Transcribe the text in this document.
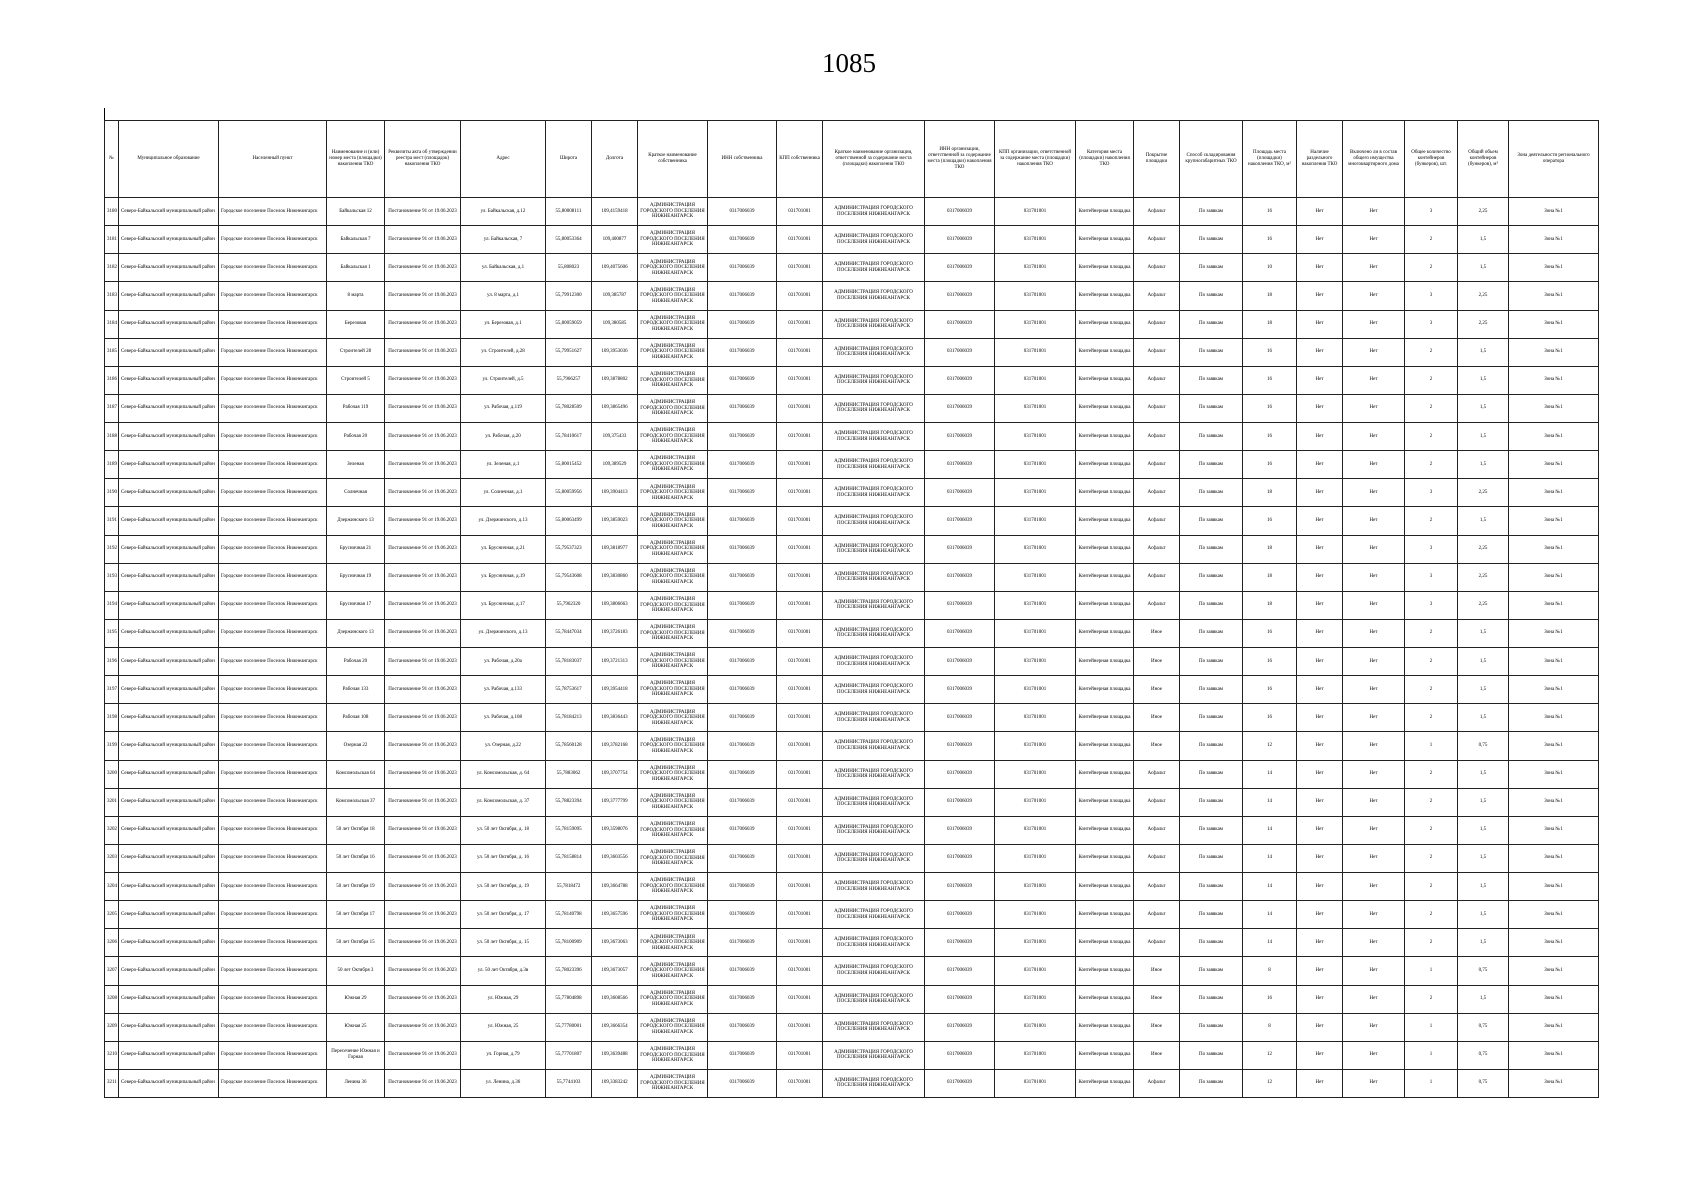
1085
№	Муниципальное образование	Населенный пункт	Наименование и (или) номер места (площадки) накопления ТКО	Реквизиты акта об утверждении реестра мест (площадок) накопления ТКО	Адрес	Широта	Долгота	Краткое наименование собственника	ИНН собственника	КПП собственника	Краткое наименование организации, ответственной за содержание места (площадки) накопления ТКО	ИНН организации, ответственной за содержание места (площадки) накопления ТКО	КПП организации, ответственной за содержание места (площадки) накопления ТКО	Категория места (площадки) накопления ТКО	Покрытие площадки	Способ складирования крупногабаритных ТКО	Площадь места (площадки) накопления ТКО, м²	Наличие раздельного накопления ТКО	Включено ли в состав общего имущества многоквартирного дома	Общее количество контейнеров (бункеров), шт.	Общий объем контейнеров (бункеров), м³	Зона деятельности регионального оператора
3180	Северо-Байкальский муниципальный район	Городское поселение Поселок Нижнеангарск	Байкальская 12	Постановление 91 от 19.06.2023	ул. Байкальская, д.12	55,80008111	109,4159418	АДМИНИСТРАЦИЯ ГОРОДСКОГО ПОСЕЛЕНИЯ НИЖНЕАНГАРСК	0317006039	031701001	АДМИНИСТРАЦИЯ ГОРОДСКОГО ПОСЕЛЕНИЯ НИЖНЕАНГАРСК	0317006039	031701001	Контейнерная площадка	Асфальт	По заявкам	16	Нет	Нет	3	2,25	Зона №1
3181	Северо-Байкальский муниципальный район	Городское поселение Поселок Нижнеангарск	Байкальская 7	Постановление 91 от 19.06.2023	ул. Байкальская, 7	55,80053364	109,400877	АДМИНИСТРАЦИЯ ГОРОДСКОГО ПОСЕЛЕНИЯ НИЖНЕАНГАРСК	0317006039	031701001	АДМИНИСТРАЦИЯ ГОРОДСКОГО ПОСЕЛЕНИЯ НИЖНЕАНГАРСК	0317006039	031701001	Контейнерная площадка	Асфальт	По заявкам	16	Нет	Нет	2	1,5	Зона №1
3182	Северо-Байкальский муниципальный район	Городское поселение Поселок Нижнеангарск	Байкальская 1	Постановление 91 от 19.06.2023	ул. Байкальская, д.1	55,808023	109,4075606	АДМИНИСТРАЦИЯ ГОРОДСКОГО ПОСЕЛЕНИЯ НИЖНЕАНГАРСК	0317006039	031701001	АДМИНИСТРАЦИЯ ГОРОДСКОГО ПОСЕЛЕНИЯ НИЖНЕАНГАРСК	0317006039	031701001	Контейнерная площадка	Асфальт	По заявкам	10	Нет	Нет	2	1,5	Зона №1
3183	Северо-Байкальский муниципальный район	Городское поселение Поселок Нижнеангарск	8 марта	Постановление 91 от 19.06.2023	ул. 8 марта, д.1	55,79912300	109,385787	АДМИНИСТРАЦИЯ ГОРОДСКОГО ПОСЕЛЕНИЯ НИЖНЕАНГАРСК	0317006039	031701001	АДМИНИСТРАЦИЯ ГОРОДСКОГО ПОСЕЛЕНИЯ НИЖНЕАНГАРСК	0317006039	031701001	Контейнерная площадка	Асфальт	По заявкам	18	Нет	Нет	3	2,25	Зона №1
3184	Северо-Байкальский муниципальный район	Городское поселение Поселок Нижнеангарск	Березовая	Постановление 91 от 19.06.2023	ул. Березовая, д.1	55,80059059	109,380585	АДМИНИСТРАЦИЯ ГОРОДСКОГО ПОСЕЛЕНИЯ НИЖНЕАНГАРСК	0317006039	031701001	АДМИНИСТРАЦИЯ ГОРОДСКОГО ПОСЕЛЕНИЯ НИЖНЕАНГАРСК	0317006039	031701001	Контейнерная площадка	Асфальт	По заявкам	18	Нет	Нет	3	2,25	Зона №1
3185	Северо-Байкальский муниципальный район	Городское поселение Поселок Нижнеангарск	Строителей 28	Постановление 91 от 19.06.2023	ул. Строителей, д.28	55,79951627	109,3953036	АДМИНИСТРАЦИЯ ГОРОДСКОГО ПОСЕЛЕНИЯ НИЖНЕАНГАРСК	0317006039	031701001	АДМИНИСТРАЦИЯ ГОРОДСКОГО ПОСЕЛЕНИЯ НИЖНЕАНГАРСК	0317006039	031701001	Контейнерная площадка	Асфальт	По заявкам	16	Нет	Нет	2	1,5	Зона №1
3186	Северо-Байкальский муниципальный район	Городское поселение Поселок Нижнеангарск	Строителей 5	Постановление 91 от 19.06.2023	ул. Строителей, д.5	55,7966257	109,3878802	АДМИНИСТРАЦИЯ ГОРОДСКОГО ПОСЕЛЕНИЯ НИЖНЕАНГАРСК	0317006039	031701001	АДМИНИСТРАЦИЯ ГОРОДСКОГО ПОСЕЛЕНИЯ НИЖНЕАНГАРСК	0317006039	031701001	Контейнерная площадка	Асфальт	По заявкам	16	Нет	Нет	2	1,5	Зона №1
3187	Северо-Байкальский муниципальный район	Городское поселение Поселок Нижнеангарск	Рабочая 119	Постановление 91 от 19.06.2023	ул. Рабочая, д.119	55,78028509	109,3865496	АДМИНИСТРАЦИЯ ГОРОДСКОГО ПОСЕЛЕНИЯ НИЖНЕАНГАРСК	0317006039	031701001	АДМИНИСТРАЦИЯ ГОРОДСКОГО ПОСЕЛЕНИЯ НИЖНЕАНГАРСК	0317006039	031701001	Контейнерная площадка	Асфальт	По заявкам	16	Нет	Нет	2	1,5	Зона №1
3188	Северо-Байкальский муниципальный район	Городское поселение Поселок Нижнеангарск	Рабочая 20	Постановление 91 от 19.06.2023	ул. Рабочая, д.20	55,78410617	109,375433	АДМИНИСТРАЦИЯ ГОРОДСКОГО ПОСЕЛЕНИЯ НИЖНЕАНГАРСК	0317006039	031701001	АДМИНИСТРАЦИЯ ГОРОДСКОГО ПОСЕЛЕНИЯ НИЖНЕАНГАРСК	0317006039	031701001	Контейнерная площадка	Асфальт	По заявкам	16	Нет	Нет	2	1,5	Зона №1
3189	Северо-Байкальский муниципальный район	Городское поселение Поселок Нижнеангарск	Зеленая	Постановление 91 от 19.06.2023	ул. Зеленая, д.1	55,80015452	109,389529	АДМИНИСТРАЦИЯ ГОРОДСКОГО ПОСЕЛЕНИЯ НИЖНЕАНГАРСК	0317006039	031701001	АДМИНИСТРАЦИЯ ГОРОДСКОГО ПОСЕЛЕНИЯ НИЖНЕАНГАРСК	0317006039	031701001	Контейнерная площадка	Асфальт	По заявкам	16	Нет	Нет	2	1,5	Зона №1
3190	Северо-Байкальский муниципальный район	Городское поселение Поселок Нижнеангарск	Солнечная	Постановление 91 от 19.06.2023	ул. Солнечная, д.1	55,80059956	109,3904413	АДМИНИСТРАЦИЯ ГОРОДСКОГО ПОСЕЛЕНИЯ НИЖНЕАНГАРСК	0317006039	031701001	АДМИНИСТРАЦИЯ ГОРОДСКОГО ПОСЕЛЕНИЯ НИЖНЕАНГАРСК	0317006039	031701001	Контейнерная площадка	Асфальт	По заявкам	18	Нет	Нет	3	2,25	Зона №1
3191	Северо-Байкальский муниципальный район	Городское поселение Поселок Нижнеангарск	Дзержинского 13	Постановление 91 от 19.06.2023	ул. Дзержинского, д.13	55,80063499	109,3859023	АДМИНИСТРАЦИЯ ГОРОДСКОГО ПОСЕЛЕНИЯ НИЖНЕАНГАРСК	0317006039	031701001	АДМИНИСТРАЦИЯ ГОРОДСКОГО ПОСЕЛЕНИЯ НИЖНЕАНГАРСК	0317006039	031701001	Контейнерная площадка	Асфальт	По заявкам	16	Нет	Нет	2	1,5	Зона №1
3192	Северо-Байкальский муниципальный район	Городское поселение Поселок Нижнеангарск	Брусничная 21	Постановление 91 от 19.06.2023	ул. Брусничная, д.21	55,79537323	109,3818977	АДМИНИСТРАЦИЯ ГОРОДСКОГО ПОСЕЛЕНИЯ НИЖНЕАНГАРСК	0317006039	031701001	АДМИНИСТРАЦИЯ ГОРОДСКОГО ПОСЕЛЕНИЯ НИЖНЕАНГАРСК	0317006039	031701001	Контейнерная площадка	Асфальт	По заявкам	18	Нет	Нет	3	2,25	Зона №1
3193	Северо-Байкальский муниципальный район	Городское поселение Поселок Нижнеангарск	Брусничная 19	Постановление 91 от 19.06.2023	ул. Брусничная, д.19	55,79543608	109,3830860	АДМИНИСТРАЦИЯ ГОРОДСКОГО ПОСЕЛЕНИЯ НИЖНЕАНГАРСК	0317006039	031701001	АДМИНИСТРАЦИЯ ГОРОДСКОГО ПОСЕЛЕНИЯ НИЖНЕАНГАРСК	0317006039	031701001	Контейнерная площадка	Асфальт	По заявкам	18	Нет	Нет	3	2,25	Зона №1
3194	Северо-Байкальский муниципальный район	Городское поселение Поселок Нижнеангарск	Брусничная 17	Постановление 91 от 19.06.2023	ул. Брусничная, д.17	55,7962320	109,3806663	АДМИНИСТРАЦИЯ ГОРОДСКОГО ПОСЕЛЕНИЯ НИЖНЕАНГАРСК	0317006039	031701001	АДМИНИСТРАЦИЯ ГОРОДСКОГО ПОСЕЛЕНИЯ НИЖНЕАНГАРСК	0317006039	031701001	Контейнерная площадка	Асфальт	По заявкам	18	Нет	Нет	3	2,25	Зона №1
3195	Северо-Байкальский муниципальный район	Городское поселение Поселок Нижнеангарск	Дзержинского 13	Постановление 91 от 19.06.2023	ул. Дзержинского, д.13	55,78447034	109,3726183	АДМИНИСТРАЦИЯ ГОРОДСКОГО ПОСЕЛЕНИЯ НИЖНЕАНГАРСК	0317006039	031701001	АДМИНИСТРАЦИЯ ГОРОДСКОГО ПОСЕЛЕНИЯ НИЖНЕАНГАРСК	0317006039	031701001	Контейнерная площадка	Иное	По заявкам	16	Нет	Нет	2	1,5	Зона №1
3196	Северо-Байкальский муниципальный район	Городское поселение Поселок Нижнеангарск	Рабочая 20	Постановление 91 от 19.06.2023	ул. Рабочая, д.20а	55,78183037	109,3721313	АДМИНИСТРАЦИЯ ГОРОДСКОГО ПОСЕЛЕНИЯ НИЖНЕАНГАРСК	0317006039	031701001	АДМИНИСТРАЦИЯ ГОРОДСКОГО ПОСЕЛЕНИЯ НИЖНЕАНГАРСК	0317006039	031701001	Контейнерная площадка	Иное	По заявкам	16	Нет	Нет	2	1,5	Зона №1
3197	Северо-Байкальский муниципальный район	Городское поселение Поселок Нижнеангарск	Рабочая 133	Постановление 91 от 19.06.2023	ул. Рабочая, д.133	55,78753617	109,3954418	АДМИНИСТРАЦИЯ ГОРОДСКОГО ПОСЕЛЕНИЯ НИЖНЕАНГАРСК	0317006039	031701001	АДМИНИСТРАЦИЯ ГОРОДСКОГО ПОСЕЛЕНИЯ НИЖНЕАНГАРСК	0317006039	031701001	Контейнерная площадка	Иное	По заявкам	16	Нет	Нет	2	1,5	Зона №1
3198	Северо-Байкальский муниципальный район	Городское поселение Поселок Нижнеангарск	Рабочая 108	Постановление 91 от 19.06.2023	ул. Рабочая, д.108	55,78184213	109,3836443	АДМИНИСТРАЦИЯ ГОРОДСКОГО ПОСЕЛЕНИЯ НИЖНЕАНГАРСК	0317006039	031701001	АДМИНИСТРАЦИЯ ГОРОДСКОГО ПОСЕЛЕНИЯ НИЖНЕАНГАРСК	0317006039	031701001	Контейнерная площадка	Иное	По заявкам	16	Нет	Нет	2	1,5	Зона №1
3199	Северо-Байкальский муниципальный район	Городское поселение Поселок Нижнеангарск	Озерная 22	Постановление 91 от 19.06.2023	ул. Озерная, д.22	55,78560128	109,3782168	АДМИНИСТРАЦИЯ ГОРОДСКОГО ПОСЕЛЕНИЯ НИЖНЕАНГАРСК	0317006039	031701001	АДМИНИСТРАЦИЯ ГОРОДСКОГО ПОСЕЛЕНИЯ НИЖНЕАНГАРСК	0317006039	031701001	Контейнерная площадка	Иное	По заявкам	12	Нет	Нет	1	0,75	Зона №1
3200	Северо-Байкальский муниципальный район	Городское поселение Поселок Нижнеангарск	Комсомольская 64	Постановление 91 от 19.06.2023	ул. Комсомольская, д. 64	55,7883062	109,3707754	АДМИНИСТРАЦИЯ ГОРОДСКОГО ПОСЕЛЕНИЯ НИЖНЕАНГАРСК	0317006039	031701001	АДМИНИСТРАЦИЯ ГОРОДСКОГО ПОСЕЛЕНИЯ НИЖНЕАНГАРСК	0317006039	031701001	Контейнерная площадка	Асфальт	По заявкам	14	Нет	Нет	2	1,5	Зона №1
3201	Северо-Байкальский муниципальный район	Городское поселение Поселок Нижнеангарск	Комсомольская 37	Постановление 91 от 19.06.2023	ул. Комсомольская, д. 37	55,78823394	109,3777799	АДМИНИСТРАЦИЯ ГОРОДСКОГО ПОСЕЛЕНИЯ НИЖНЕАНГАРСК	0317006039	031701001	АДМИНИСТРАЦИЯ ГОРОДСКОГО ПОСЕЛЕНИЯ НИЖНЕАНГАРСК	0317006039	031701001	Контейнерная площадка	Асфальт	По заявкам	14	Нет	Нет	2	1,5	Зона №1
3202	Северо-Байкальский муниципальный район	Городское поселение Поселок Нижнеангарск	50 лет Октября 18	Постановление 91 от 19.06.2023	ул. 50 лет Октября, д. 18	55,78159095	109,3598076	АДМИНИСТРАЦИЯ ГОРОДСКОГО ПОСЕЛЕНИЯ НИЖНЕАНГАРСК	0317006039	031701001	АДМИНИСТРАЦИЯ ГОРОДСКОГО ПОСЕЛЕНИЯ НИЖНЕАНГАРСК	0317006039	031701001	Контейнерная площадка	Асфальт	По заявкам	14	Нет	Нет	2	1,5	Зона №1
3203	Северо-Байкальский муниципальный район	Городское поселение Поселок Нижнеангарск	50 лет Октября 16	Постановление 91 от 19.06.2023	ул. 50 лет Октября, д. 16	55,78158814	109,3603556	АДМИНИСТРАЦИЯ ГОРОДСКОГО ПОСЕЛЕНИЯ НИЖНЕАНГАРСК	0317006039	031701001	АДМИНИСТРАЦИЯ ГОРОДСКОГО ПОСЕЛЕНИЯ НИЖНЕАНГАРСК	0317006039	031701001	Контейнерная площадка	Асфальт	По заявкам	14	Нет	Нет	2	1,5	Зона №1
3204	Северо-Байкальский муниципальный район	Городское поселение Поселок Нижнеангарск	50 лет Октября 19	Постановление 91 от 19.06.2023	ул. 50 лет Октября, д. 19	55,7818472	109,3664788	АДМИНИСТРАЦИЯ ГОРОДСКОГО ПОСЕЛЕНИЯ НИЖНЕАНГАРСК	0317006039	031701001	АДМИНИСТРАЦИЯ ГОРОДСКОГО ПОСЕЛЕНИЯ НИЖНЕАНГАРСК	0317006039	031701001	Контейнерная площадка	Асфальт	По заявкам	14	Нет	Нет	2	1,5	Зона №1
3205	Северо-Байкальский муниципальный район	Городское поселение Поселок Нижнеангарск	50 лет Октября 17	Постановление 91 от 19.06.2023	ул. 50 лет Октября, д. 17	55,78140798	109,3657596	АДМИНИСТРАЦИЯ ГОРОДСКОГО ПОСЕЛЕНИЯ НИЖНЕАНГАРСК	0317006039	031701001	АДМИНИСТРАЦИЯ ГОРОДСКОГО ПОСЕЛЕНИЯ НИЖНЕАНГАРСК	0317006039	031701001	Контейнерная площадка	Асфальт	По заявкам	14	Нет	Нет	2	1,5	Зона №1
3206	Северо-Байкальский муниципальный район	Городское поселение Поселок Нижнеангарск	50 лет Октября 15	Постановление 91 от 19.06.2023	ул. 50 лет Октября, д. 15	55,78100909	109,3673063	АДМИНИСТРАЦИЯ ГОРОДСКОГО ПОСЕЛЕНИЯ НИЖНЕАНГАРСК	0317006039	031701001	АДМИНИСТРАЦИЯ ГОРОДСКОГО ПОСЕЛЕНИЯ НИЖНЕАНГАРСК	0317006039	031701001	Контейнерная площадка	Асфальт	По заявкам	14	Нет	Нет	2	1,5	Зона №1
3207	Северо-Байкальский муниципальный район	Городское поселение Поселок Нижнеангарск	50 лет Октября 3	Постановление 91 от 19.06.2023	ул. 50 лет Октября, д.3в	55,78023396	109,3673057	АДМИНИСТРАЦИЯ ГОРОДСКОГО ПОСЕЛЕНИЯ НИЖНЕАНГАРСК	0317006039	031701001	АДМИНИСТРАЦИЯ ГОРОДСКОГО ПОСЕЛЕНИЯ НИЖНЕАНГАРСК	0317006039	031701001	Контейнерная площадка	Иное	По заявкам	8	Нет	Нет	1	0,75	Зона №1
3208	Северо-Байкальский муниципальный район	Городское поселение Поселок Нижнеангарск	Южная 29	Постановление 91 от 19.06.2023	ул. Южная, 29	55,77804898	109,3608566	АДМИНИСТРАЦИЯ ГОРОДСКОГО ПОСЕЛЕНИЯ НИЖНЕАНГАРСК	0317006039	031701001	АДМИНИСТРАЦИЯ ГОРОДСКОГО ПОСЕЛЕНИЯ НИЖНЕАНГАРСК	0317006039	031701001	Контейнерная площадка	Иное	По заявкам	16	Нет	Нет	2	1,5	Зона №1
3209	Северо-Байкальский муниципальный район	Городское поселение Поселок Нижнеангарск	Южная 25	Постановление 91 от 19.06.2023	ул. Южная, 25	55,77780001	109,3666354	АДМИНИСТРАЦИЯ ГОРОДСКОГО ПОСЕЛЕНИЯ НИЖНЕАНГАРСК	0317006039	031701001	АДМИНИСТРАЦИЯ ГОРОДСКОГО ПОСЕЛЕНИЯ НИЖНЕАНГАРСК	0317006039	031701001	Контейнерная площадка	Иное	По заявкам	8	Нет	Нет	1	0,75	Зона №1
3210	Северо-Байкальский муниципальный район	Городское поселение Поселок Нижнеангарск	Пересечение Южная и Горная	Постановление 91 от 19.06.2023	ул. Горная, д.79	55,77701807	109,3639488	АДМИНИСТРАЦИЯ ГОРОДСКОГО ПОСЕЛЕНИЯ НИЖНЕАНГАРСК	0317006039	031701001	АДМИНИСТРАЦИЯ ГОРОДСКОГО ПОСЕЛЕНИЯ НИЖНЕАНГАРСК	0317006039	031701001	Контейнерная площадка	Иное	По заявкам	12	Нет	Нет	1	0,75	Зона №1
3211	Северо-Байкальский муниципальный район	Городское поселение Поселок Нижнеангарск	Ленина 36	Постановление 91 от 19.06.2023	ул. Ленина, д.36	55,7744103	109,3383242	АДМИНИСТРАЦИЯ ГОРОДСКОГО ПОСЕЛЕНИЯ НИЖНЕАНГАРСК	0317006039	031701001	АДМИНИСТРАЦИЯ ГОРОДСКОГО ПОСЕЛЕНИЯ НИЖНЕАНГАРСК	0317006039	031701001	Контейнерная площадка	Асфальт	По заявкам	12	Нет	Нет	1	0,75	Зона №1
